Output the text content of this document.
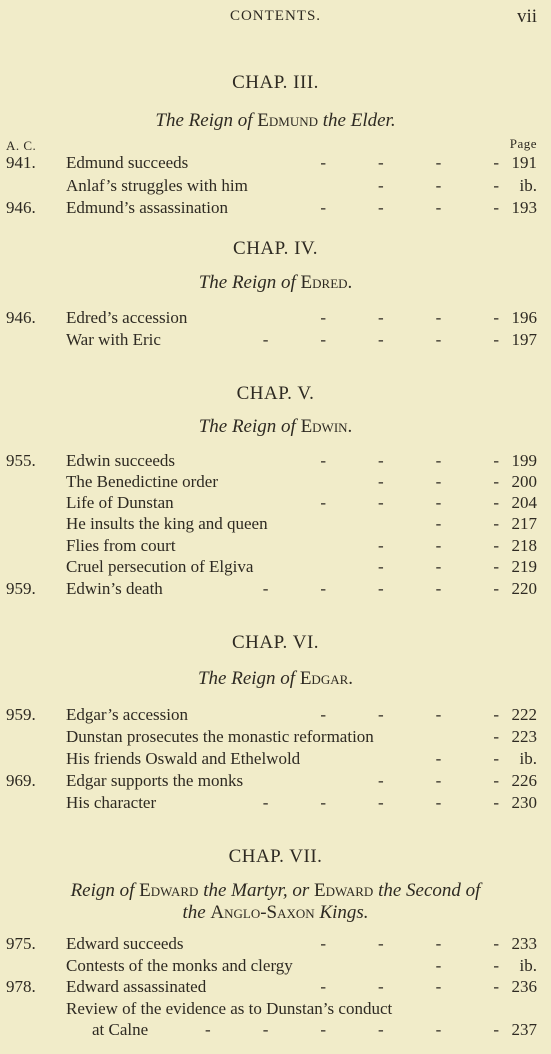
CONTENTS.	vii
CHAP. III.
The Reign of Edmund the Elder.
A. C.	Page
941. Edmund succeeds	-        -        -        - 191
Anlaf’s struggles with him	-        -        - ib.
946. Edmund’s assassination	-        -        -        - 193
CHAP. IV.
The Reign of Edred.
946. Edred’s accession	-        -        -        - 196
War with Eric	-        -        -        -        - 197
CHAP. V.
The Reign of Edwin.
955. Edwin succeeds	-        -        -        - 199
The Benedictine order	-        -        - 200
Life of Dunstan	-        -        -        - 204
He insults the king and queen	-        - 217
Flies from court	-        -        - 218
Cruel persecution of Elgiva	-        -        - 219
959. Edwin’s death	-        -        -        -        - 220
CHAP. VI.
The Reign of Edgar.
959. Edgar’s accession	-        -        -        - 222
Dunstan prosecutes the monastic reformation	- 223
His friends Oswald and Ethelwold	-        - ib.
969. Edgar supports the monks	-        -        - 226
His character	-        -        -        -        - 230
CHAP. VII.
Reign of Edward the Martyr, or Edward the Second of
the Anglo-Saxon Kings.
975. Edward succeeds	-        -        -        - 233
Contests of the monks and clergy	-        - ib.
978. Edward assassinated	-        -        -        - 236
Review of the evidence as to Dunstan’s conduct
at Calne	-        -        -        -        -        - 237
